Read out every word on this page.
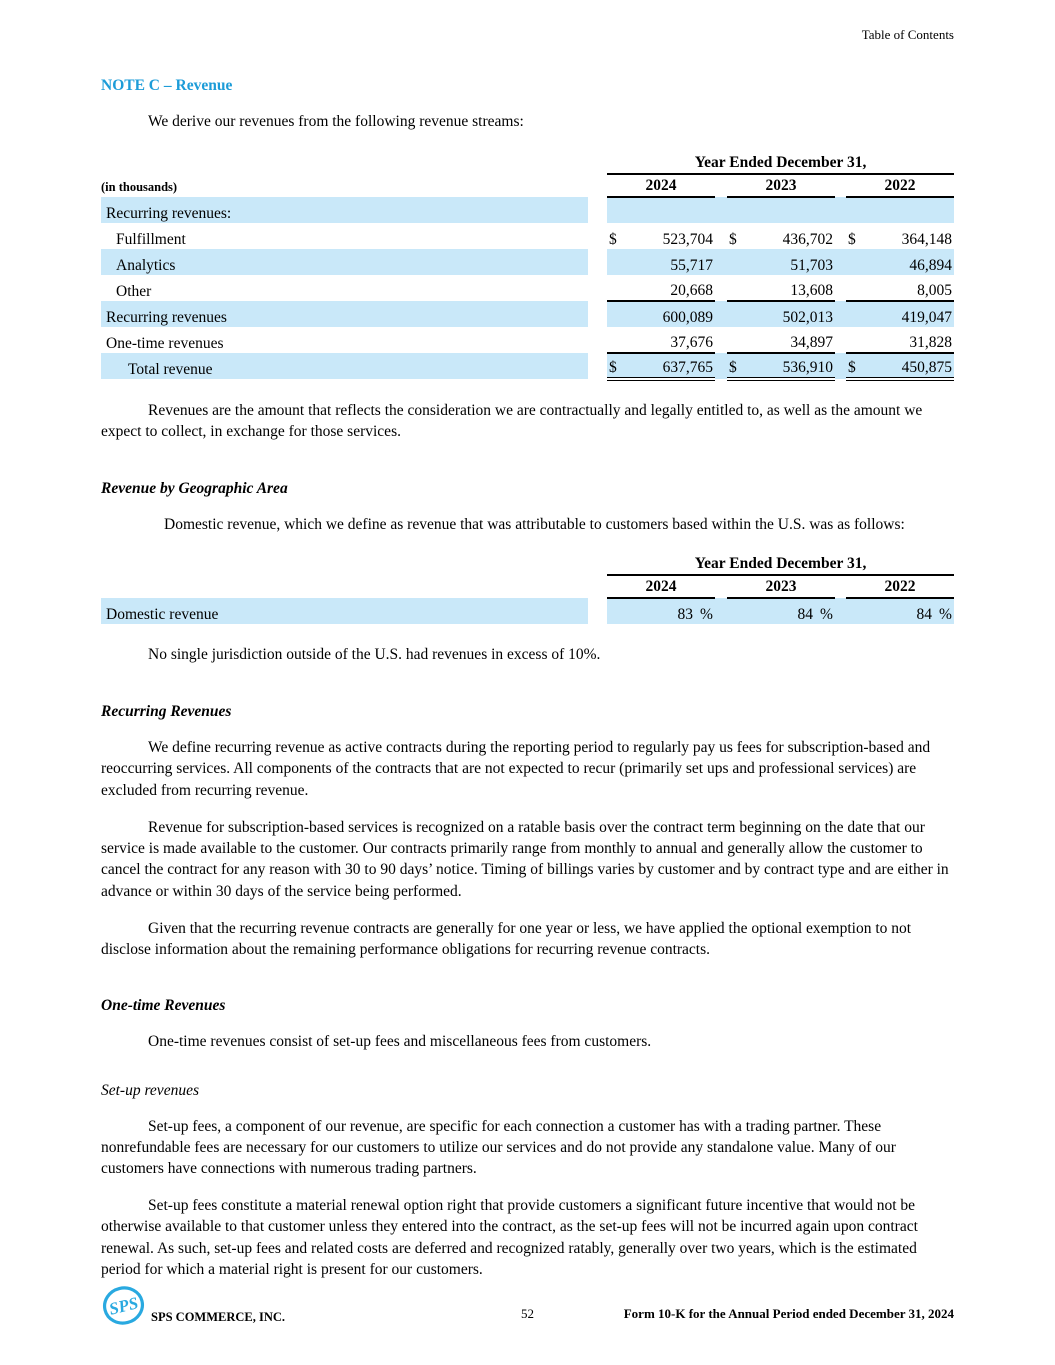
Table of Contents
NOTE C – Revenue

We derive our revenues from the following revenue streams:

		Year Ended December 31,							
(in thousands)		2024			2023			2022	
Recurring revenues:									
Fulfillment		$	523,704		$	436,702		$	364,148
Analytics			55,717			51,703			46,894
Other			20,668			13,608			8,005
Recurring revenues			600,089			502,013			419,047
One-time revenues			37,676			34,897			31,828
Total revenue		$	637,765		$	536,910		$	450,875

Revenues are the amount that reflects the consideration we are contractually and legally entitled to, as well as the amount we expect to collect, in exchange for those services.

Revenue by Geographic Area

Domestic revenue, which we define as revenue that was attributable to customers based within the U.S. was as follows:

		Year Ended December 31,							
		2024			2023			2022	
Domestic revenue		83	%		84	%		84	%

No single jurisdiction outside of the U.S. had revenues in excess of 10%.

Recurring Revenues

We define recurring revenue as active contracts during the reporting period to regularly pay us fees for subscription-based and reoccurring services. All components of the contracts that are not expected to recur (primarily set ups and professional services) are excluded from recurring revenue.

Revenue for subscription-based services is recognized on a ratable basis over the contract term beginning on the date that our service is made available to the customer. Our contracts primarily range from monthly to annual and generally allow the customer to cancel the contract for any reason with 30 to 90 days’ notice. Timing of billings varies by customer and by contract type and are either in advance or within 30 days of the service being performed.

Given that the recurring revenue contracts are generally for one year or less, we have applied the optional exemption to not disclose information about the remaining performance obligations for recurring revenue contracts.

One-time Revenues

One-time revenues consist of set-up fees and miscellaneous fees from customers.

Set-up revenues

Set-up fees, a component of our revenue, are specific for each connection a customer has with a trading partner. These nonrefundable fees are necessary for our customers to utilize our services and do not provide any standalone value. Many of our customers have connections with numerous trading partners.

Set-up fees constitute a material renewal option right that provide customers a significant future incentive that would not be otherwise available to that customer unless they entered into the contract, as the set-up fees will not be incurred again upon contract renewal. As such, set-up fees and related costs are deferred and recognized ratably, generally over two years, which is the estimated period for which a material right is present for our customers.

SPS SPS COMMERCE, INC.	52	Form 10-K for the Annual Period ended December 31, 2024
